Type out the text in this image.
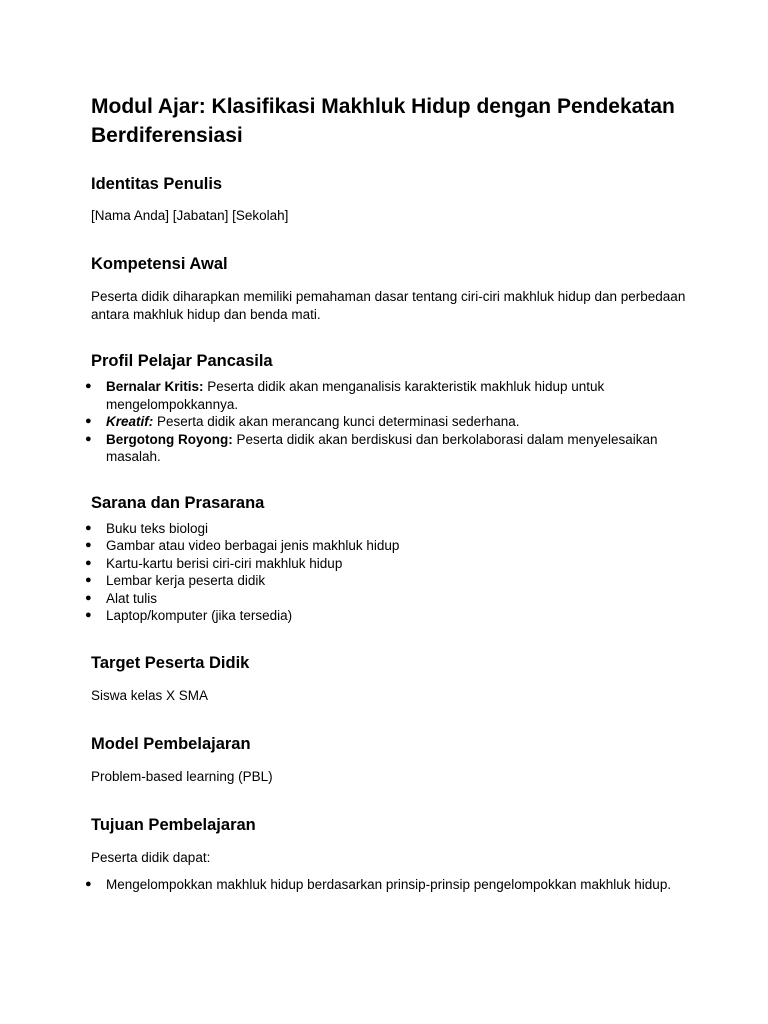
Modul Ajar: Klasifikasi Makhluk Hidup dengan Pendekatan Berdiferensiasi
Identitas Penulis

[Nama Anda] [Jabatan] [Sekolah]

Kompetensi Awal

Peserta didik diharapkan memiliki pemahaman dasar tentang ciri-ciri makhluk hidup dan perbedaan antara makhluk hidup dan benda mati.

Profil Pelajar Pancasila
● Bernalar Kritis: Peserta didik akan menganalisis karakteristik makhluk hidup untuk mengelompokkannya.
● Kreatif: Peserta didik akan merancang kunci determinasi sederhana.
● Bergotong Royong: Peserta didik akan berdiskusi dan berkolaborasi dalam menyelesaikan masalah.
Sarana dan Prasarana
● Buku teks biologi
● Gambar atau video berbagai jenis makhluk hidup
● Kartu-kartu berisi ciri-ciri makhluk hidup
● Lembar kerja peserta didik
● Alat tulis
● Laptop/komputer (jika tersedia)
Target Peserta Didik

Siswa kelas X SMA

Model Pembelajaran

Problem-based learning (PBL)

Tujuan Pembelajaran

Peserta didik dapat:

● Mengelompokkan makhluk hidup berdasarkan prinsip-prinsip pengelompokkan makhluk hidup.
